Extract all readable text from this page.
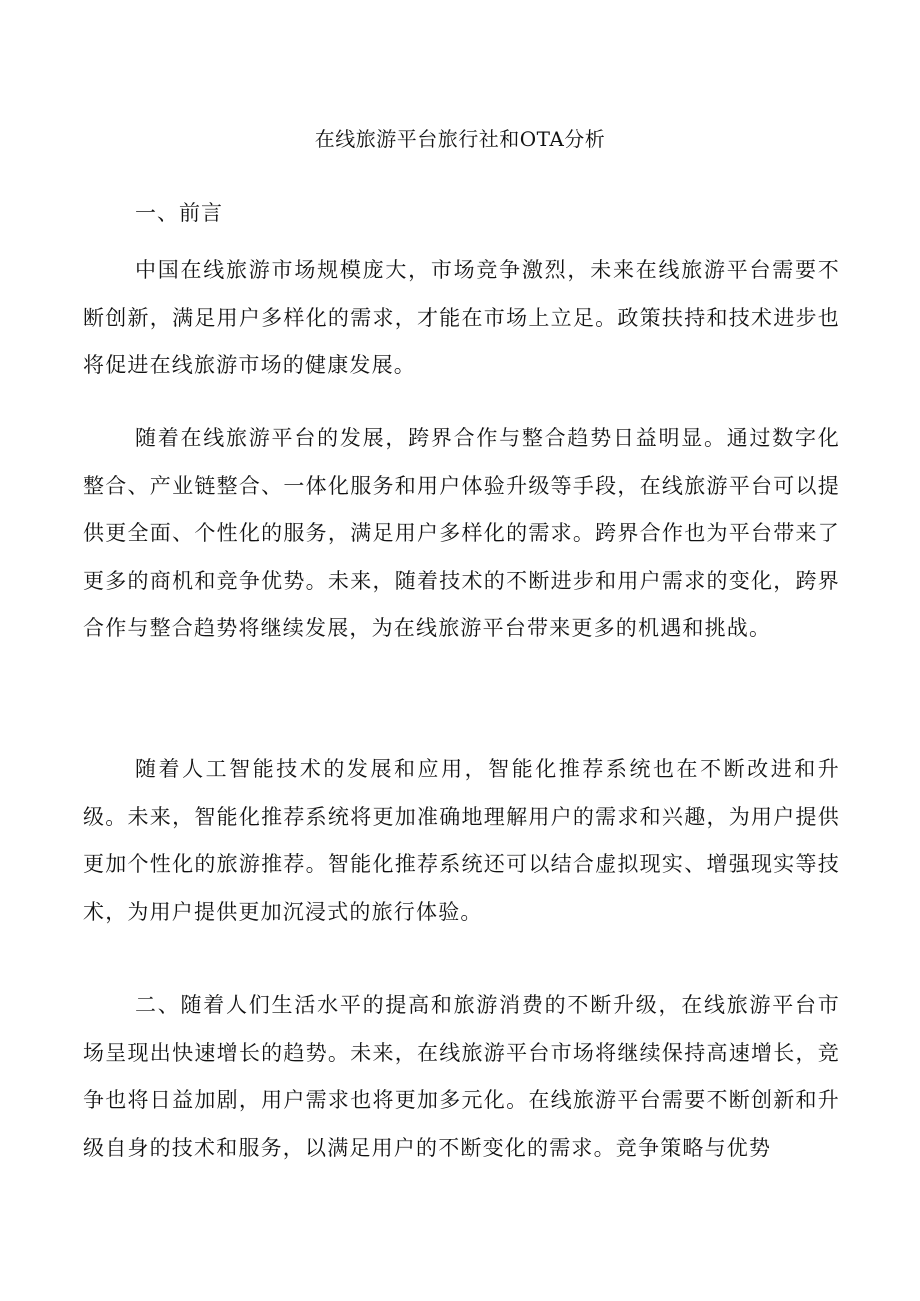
在线旅游平台旅行社和OTA分析
一、前言

中国在线旅游市场规模庞大，市场竞争激烈，未来在线旅游平台需要不断创新，满足用户多样化的需求，才能在市场上立足。政策扶持和技术进步也将促进在线旅游市场的健康发展。

随着在线旅游平台的发展，跨界合作与整合趋势日益明显。通过数字化整合、产业链整合、一体化服务和用户体验升级等手段，在线旅游平台可以提供更全面、个性化的服务，满足用户多样化的需求。跨界合作也为平台带来了更多的商机和竞争优势。未来，随着技术的不断进步和用户需求的变化，跨界合作与整合趋势将继续发展，为在线旅游平台带来更多的机遇和挑战。

随着人工智能技术的发展和应用，智能化推荐系统也在不断改进和升级。未来，智能化推荐系统将更加准确地理解用户的需求和兴趣，为用户提供更加个性化的旅游推荐。智能化推荐系统还可以结合虚拟现实、增强现实等技术，为用户提供更加沉浸式的旅行体验。

二、随着人们生活水平的提高和旅游消费的不断升级，在线旅游平台市场呈现出快速增长的趋势。未来，在线旅游平台市场将继续保持高速增长，竞争也将日益加剧，用户需求也将更加多元化。在线旅游平台需要不断创新和升级自身的技术和服务，以满足用户的不断变化的需求。竞争策略与优势
